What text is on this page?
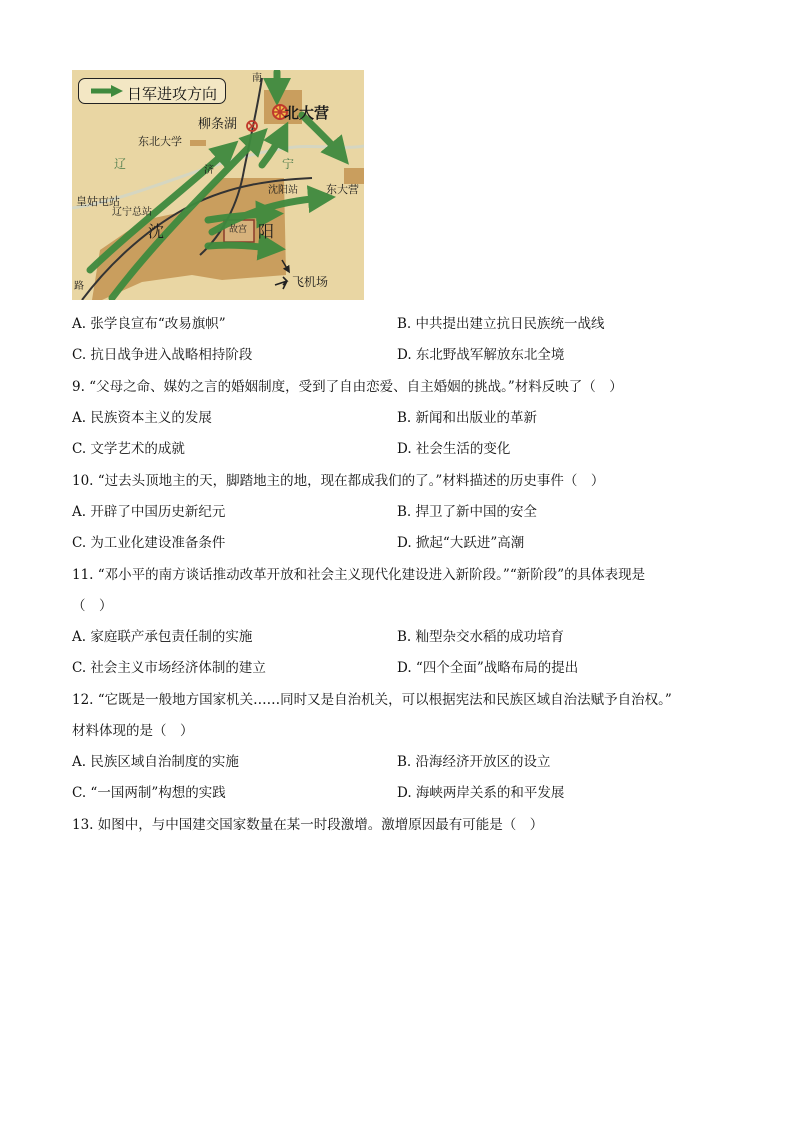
日军进攻方向
南
北大营
柳条湖
东北大学
辽	宁
济
皇姑屯站
辽宁总站
沈阳站	东大营
沈	阳
故宫
飞机场
路
A. 张学良宣布“改易旗帜”	B. 中共提出建立抗日民族统一战线
C. 抗日战争进入战略相持阶段	D. 东北野战军解放东北全境
9. “父母之命、媒妁之言的婚姻制度，受到了自由恋爱、自主婚姻的挑战。”材料反映了（　）
A. 民族资本主义的发展	B. 新闻和出版业的革新
C. 文学艺术的成就	D. 社会生活的变化
10. “过去头顶地主的天，脚踏地主的地，现在都成我们的了。”材料描述的历史事件（　）
A. 开辟了中国历史新纪元	B. 捍卫了新中国的安全
C. 为工业化建设准备条件	D. 掀起“大跃进”高潮
11. “邓小平的南方谈话推动改革开放和社会主义现代化建设进入新阶段。”“新阶段”的具体表现是
（　）
A. 家庭联产承包责任制的实施	B. 籼型杂交水稻的成功培育
C. 社会主义市场经济体制的建立	D. “四个全面”战略布局的提出
12. “它既是一般地方国家机关……同时又是自治机关，可以根据宪法和民族区域自治法赋予自治权。”
材料体现的是（　）
A. 民族区域自治制度的实施	B. 沿海经济开放区的设立
C. “一国两制”构想的实践	D. 海峡两岸关系的和平发展
13. 如图中，与中国建交国家数量在某一时段激增。激增原因最有可能是（　）
